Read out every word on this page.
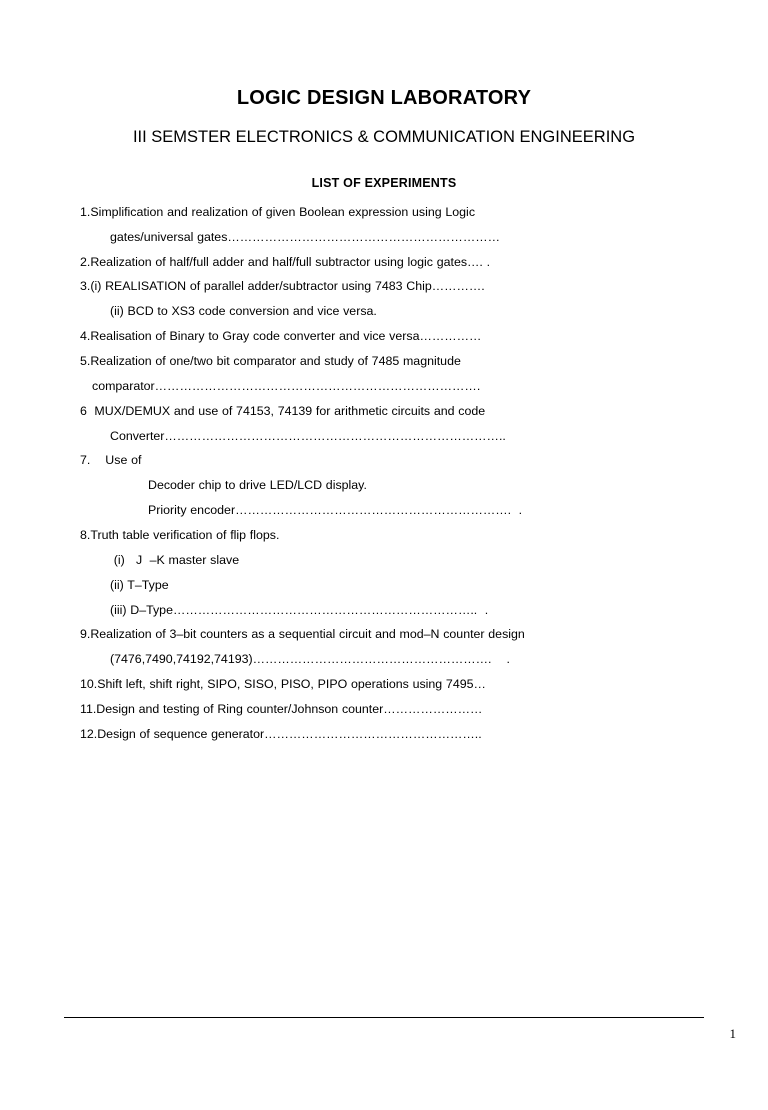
LOGIC DESIGN LABORATORY
III SEMSTER ELECTRONICS & COMMUNICATION ENGINEERING
LIST OF EXPERIMENTS
1.Simplification and realization of given Boolean expression using Logic
gates/universal gates…………………………………………………………
2.Realization of half/full adder and half/full subtractor using logic gates…. .
3.(i) REALISATION of parallel adder/subtractor using 7483 Chip………….
(ii) BCD to XS3 code conversion and vice versa.
4.Realisation of Binary to Gray code converter and vice versa……………
5.Realization of one/two bit comparator and study of 7485 magnitude
comparator…………………………………………………………………….
6  MUX/DEMUX and use of 74153, 74139 for arithmetic circuits and code
Converter………………………………………………………………………..
7.    Use of
Decoder chip to drive LED/LCD display.
Priority encoder………………………………………………………….  .
8.Truth table verification of flip flops.
(i)   J  –K master slave
(ii) T–Type
(iii) D–Type………………………………………………………………..  .
9.Realization of 3–bit counters as a sequential circuit and mod–N counter design
(7476,7490,74192,74193)………………………………………………….    .
10.Shift left, shift right, SIPO, SISO, PISO, PIPO operations using 7495…
11.Design and testing of Ring counter/Johnson counter……………………
12.Design of sequence generator……………………………………………..
1
